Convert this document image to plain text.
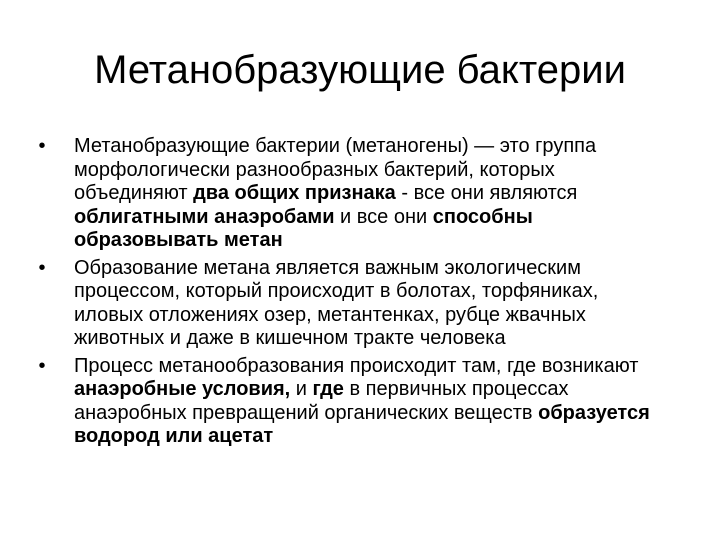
Метанобразующие бактерии
•	Метанобразующие бактерии (метаногены) — это группа морфологически разнообразных бактерий, которых объединяют два общих признака - все они являются облигатными анаэробами и все они способны образовывать метан
•	Образование метана является важным экологическим процессом, который происходит в болотах, торфяниках, иловых отложениях озер, метантенках, рубце жвачных животных и даже в кишечном тракте человека
•	Процесс метанообразования происходит там, где возникают анаэробные условия, и где в первичных процессах анаэробных превращений органических веществ образуется водород или ацетат
